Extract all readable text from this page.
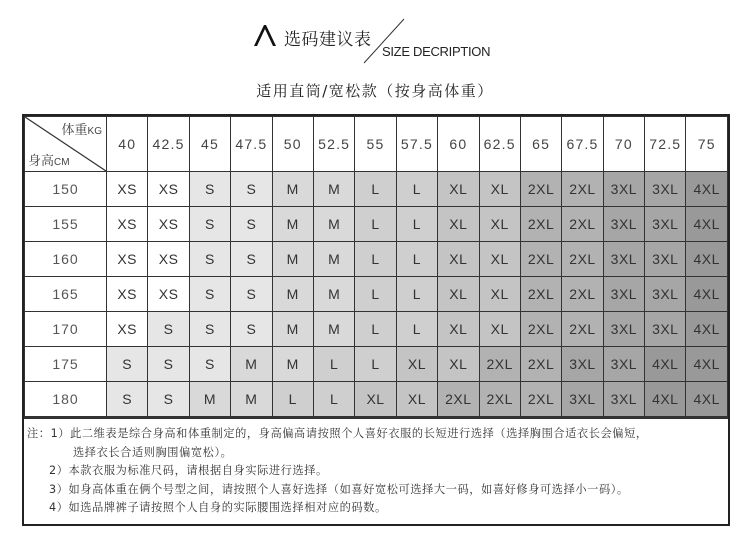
选码建议表
SIZE DECRIPTION
适用直筒/宽松款（按身高体重）
体重KG
身高CM	40	42.5	45	47.5	50	52.5	55	57.5	60	62.5	65	67.5	70	72.5	75
150	XS	XS	S	S	M	M	L	L	XL	XL	2XL	2XL	3XL	3XL	4XL
155	XS	XS	S	S	M	M	L	L	XL	XL	2XL	2XL	3XL	3XL	4XL
160	XS	XS	S	S	M	M	L	L	XL	XL	2XL	2XL	3XL	3XL	4XL
165	XS	XS	S	S	M	M	L	L	XL	XL	2XL	2XL	3XL	3XL	4XL
170	XS	S	S	S	M	M	L	L	XL	XL	2XL	2XL	3XL	3XL	4XL
175	S	S	S	M	M	L	L	XL	XL	2XL	2XL	3XL	3XL	4XL	4XL
180	S	S	M	M	L	L	XL	XL	2XL	2XL	2XL	3XL	3XL	4XL	4XL
注：1）此二维表是综合身高和体重制定的，身高偏高请按照个人喜好衣服的长短进行选择（选择胸围合适衣长会偏短，
选择衣长合适则胸围偏宽松）。
2）本款衣服为标准尺码，请根据自身实际进行选择。
3）如身高体重在俩个号型之间，请按照个人喜好选择（如喜好宽松可选择大一码，如喜好修身可选择小一码）。
4）如选品牌裤子请按照个人自身的实际腰围选择相对应的码数。
